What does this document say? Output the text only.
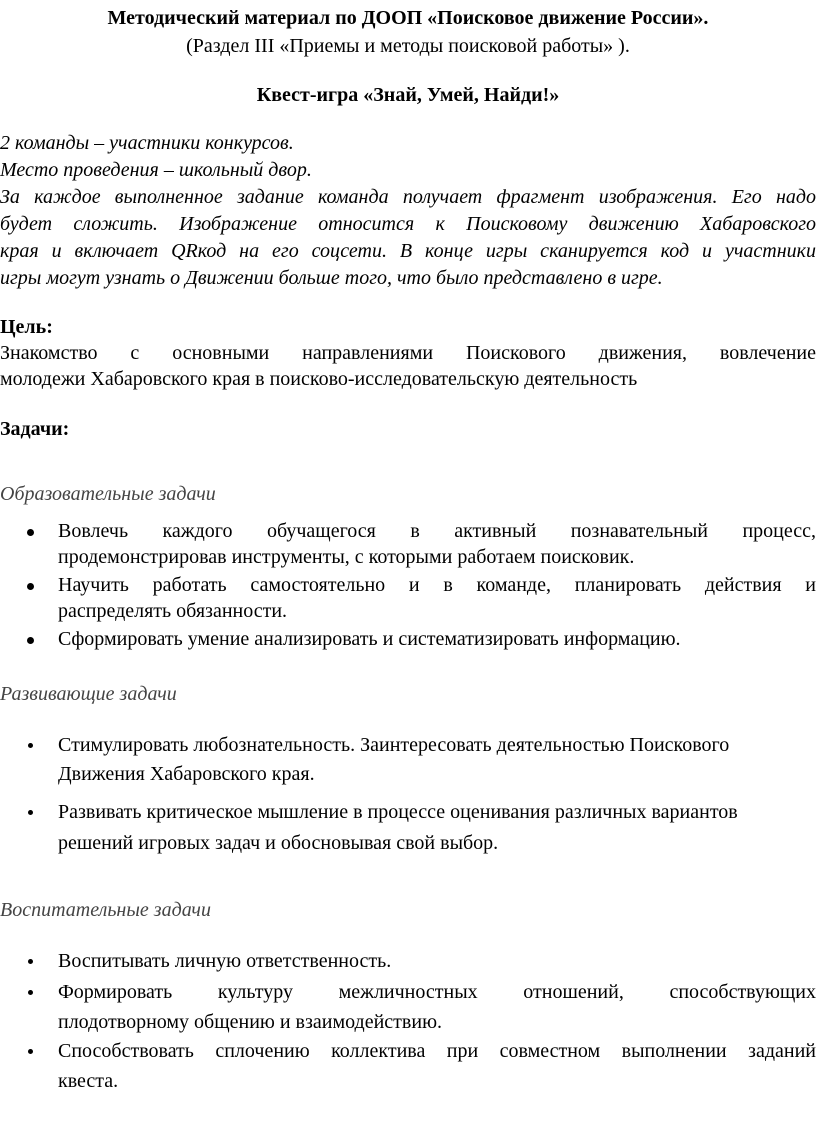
Методический материал по ДООП «Поисковое движение России».
(Раздел III «Приемы и методы поисковой работы» ).
Квест-игра «Знай, Умей, Найди!»
2 команды – участники конкурсов.
Место проведения – школьный двор.
За каждое выполненное задание команда получает фрагмент изображения. Его надо
будет сложить. Изображение относится к Поисковому движению Хабаровского
края и включает QRкод на его соцсети. В конце игры сканируется код и участники
игры могут узнать о Движении больше того, что было представлено в игре.
Цель:
Знакомство с основными направлениями Поискового движения, вовлечение
молодежи Хабаровского края в поисково-исследовательскую деятельность
Задачи:
Образовательные задачи
Вовлечь каждого обучащегося в активный познавательный процесс,
продемонстрировав инструменты, с которыми работаем поисковик.
Научить работать самостоятельно и в команде, планировать действия и
распределять обязанности.
Сформировать умение анализировать и систематизировать информацию.
Развивающие задачи
Стимулировать любознательность. Заинтересовать деятельностью Поискового
Движения Хабаровского края.
Развивать критическое мышление в процессе оценивания различных вариантов
решений игровых задач и обосновывая свой выбор.
Воспитательные задачи
Воспитывать личную ответственность.
Формировать культуру межличностных отношений, способствующих
плодотворному общению и взаимодействию.
Способствовать сплочению коллектива при совместном выполнении заданий
квеста.
